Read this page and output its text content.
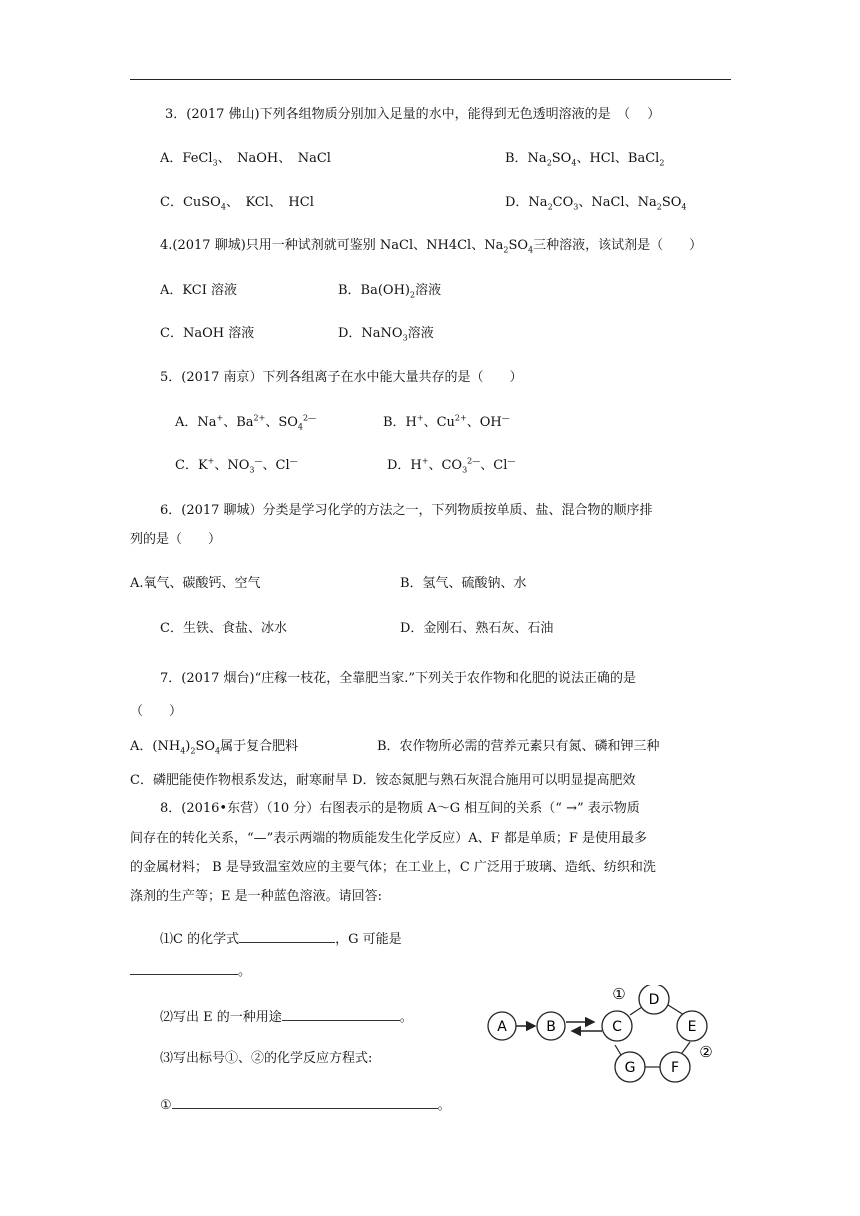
3．(2017 佛山)下列各组物质分别加入足量的水中，能得到无色透明溶液的是　（　 ）
A．FeCl$_3$、　NaOH、　NaCl	B．$Na_2SO_4$、HCl、BaCl$_2$
C．CuSO$_4$、　KCl、　HCl	D．$Na_2CO_3$、NaCl、$Na_2SO_4$
4.(2017 聊城)只用一种试剂就可鉴别 NaCl、NH4Cl、$Na_2SO_4$三种溶液，该试剂是（　　）
A．KCI 溶液	B．$Ba(OH)_2$溶液
C．NaOH 溶液	D．NaNO$_3$溶液
5．(2017 南京）下列各组离子在水中能大量共存的是（　　）
A．Na+、$Ba^{2+}$、$SO_4^{2—}$	B．H+、$Cu^{2+}$、OH—
C．K+、$NO_3^—$、Cl—	D．H+、$CO_3^{2—}$、Cl—
6．(2017 聊城）分类是学习化学的方法之一，下列物质按单质、盐、混合物的顺序排
列的是（　　）
A.氧气、碳酸钙、空气	B．氢气、硫酸钠、水
C．生铁、食盐、冰水	D．金刚石、熟石灰、石油
7．(2017 烟台)“庄稼一枝花，全靠肥当家.”下列关于农作物和化肥的说法正确的是
（　　）
A．$(NH_4)_2SO_4$属于复合肥料	B．农作物所必需的营养元素只有氮、磷和钾三种
C．磷肥能使作物根系发达，耐寒耐旱 D．铵态氮肥与熟石灰混合施用可以明显提高肥效
8．(2016•东营）（10 分）右图表示的是物质 A～G 相互间的关系（“ →” 表示物质
间存在的转化关系，“—”表示两端的物质能发生化学反应）A、F 都是单质；F 是使用最多
的金属材料； B 是导致温室效应的主要气体；在工业上，C 广泛用于玻璃、造纸、纺织和洗
涤剂的生产等；E 是一种蓝色溶液。请回答:
⑴C 的化学式	，G 可能是
。
⑵写出 E 的一种用途	。
⑶写出标号①、②的化学反应方程式:
①	。
A	B	C
D
E
F
G
①
②
